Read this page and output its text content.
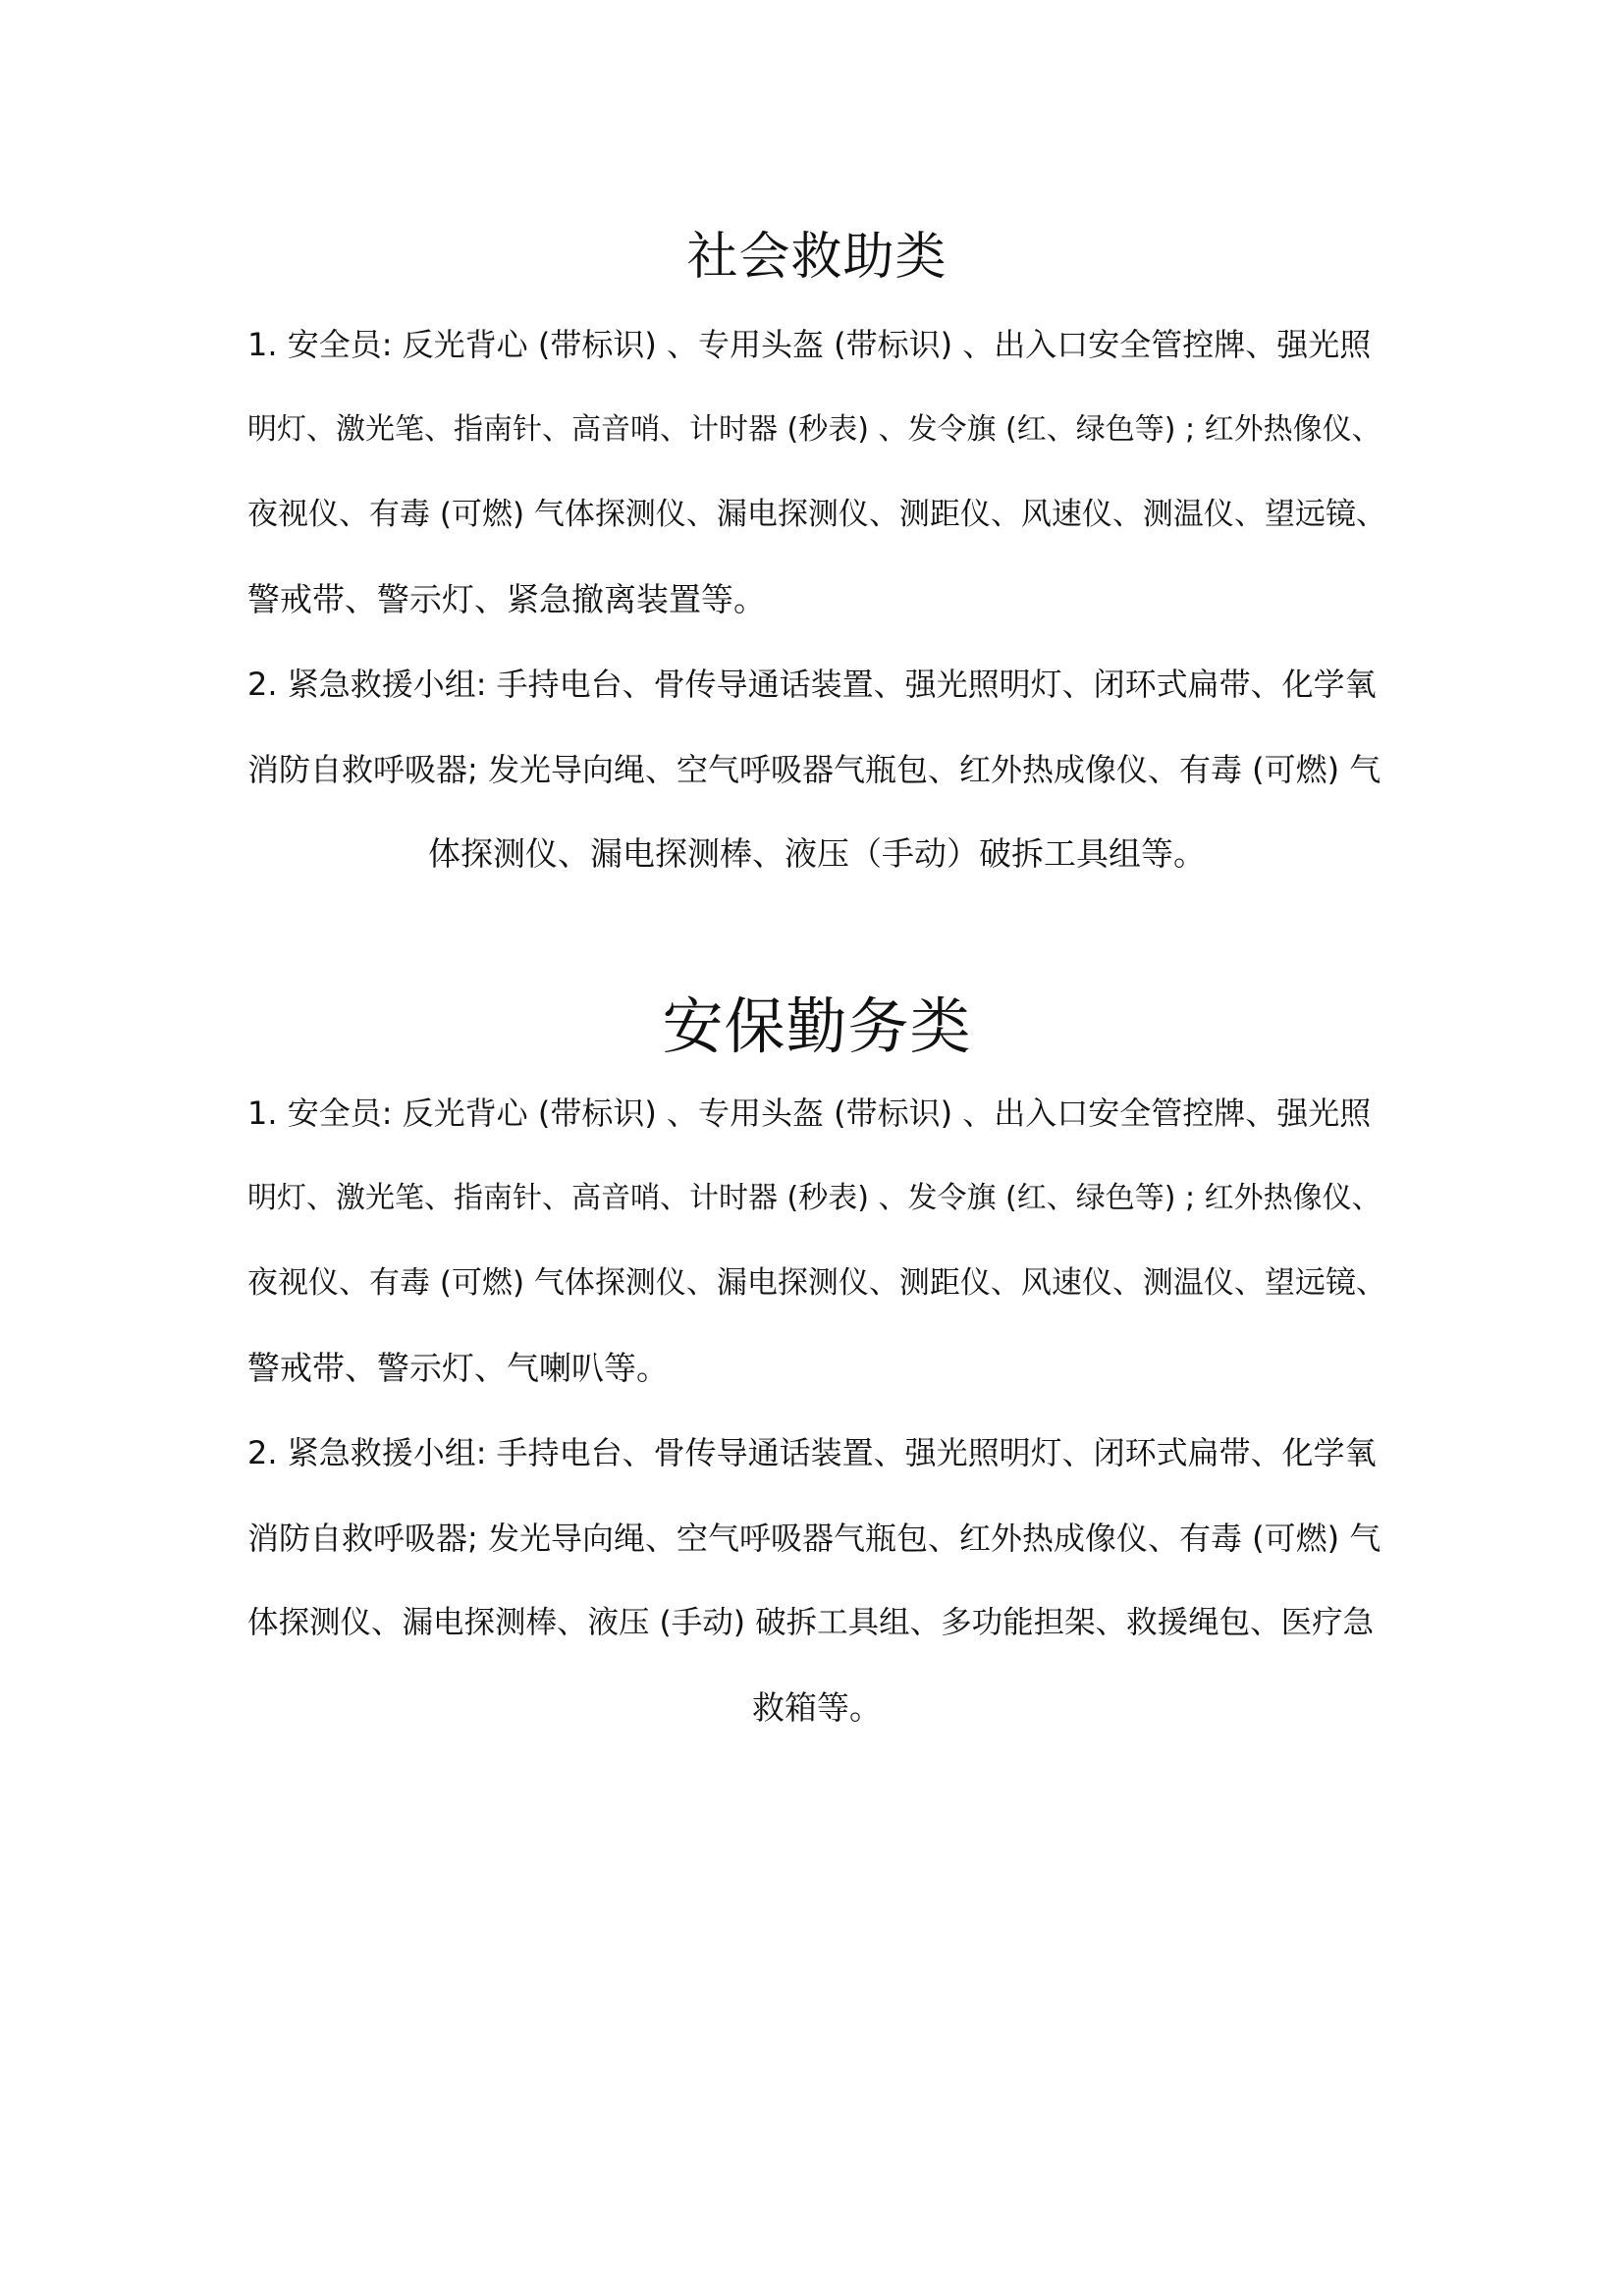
社会救助类
1. 安全员: 反光背心 (带标识) 、专用头盔 (带标识) 、出入口安全管控牌、强光照
明灯、激光笔、指南针、高音哨、计时器 (秒表) 、发令旗 (红、绿色等) ; 红外热像仪、
夜视仪、有毒 (可燃) 气体探测仪、漏电探测仪、测距仪、风速仪、测温仪、望远镜、
警戒带、警示灯、紧急撤离装置等。
2. 紧急救援小组: 手持电台、骨传导通话装置、强光照明灯、闭环式扁带、化学氧
消防自救呼吸器; 发光导向绳、空气呼吸器气瓶包、红外热成像仪、有毒 (可燃) 气
体探测仪、漏电探测棒、液压（手动）破拆工具组等。
安保勤务类
1. 安全员: 反光背心 (带标识) 、专用头盔 (带标识) 、出入口安全管控牌、强光照
明灯、激光笔、指南针、高音哨、计时器 (秒表) 、发令旗 (红、绿色等) ; 红外热像仪、
夜视仪、有毒 (可燃) 气体探测仪、漏电探测仪、测距仪、风速仪、测温仪、望远镜、
警戒带、警示灯、气喇叭等。
2. 紧急救援小组: 手持电台、骨传导通话装置、强光照明灯、闭环式扁带、化学氧
消防自救呼吸器; 发光导向绳、空气呼吸器气瓶包、红外热成像仪、有毒 (可燃) 气
体探测仪、漏电探测棒、液压 (手动) 破拆工具组、多功能担架、救援绳包、医疗急
救箱等。
